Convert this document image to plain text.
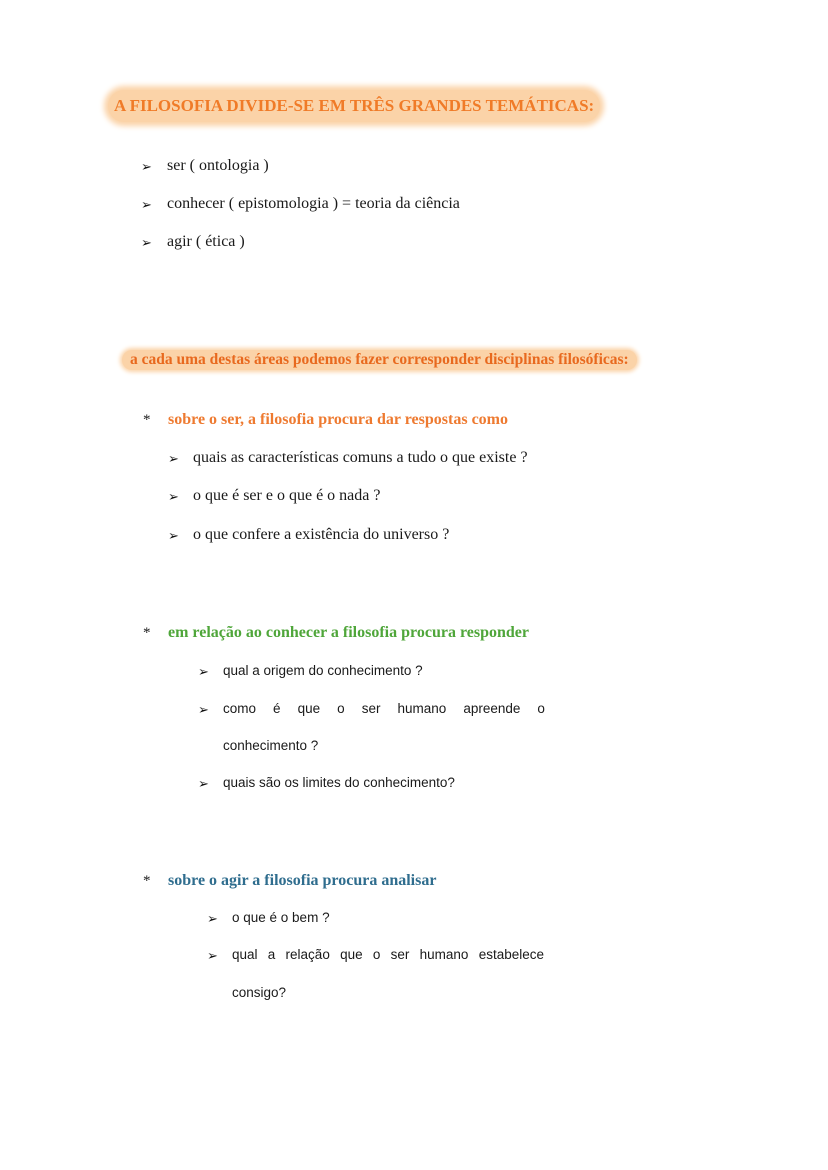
A FILOSOFIA DIVIDE-SE EM TRÊS GRANDES TEMÁTICAS:
➢ ser ( ontologia )
➢ conhecer ( epistomologia ) = teoria da ciência
➢ agir ( ética )
a cada uma destas áreas podemos fazer corresponder disciplinas filosóficas:
* sobre o ser, a filosofia procura dar respostas como
➢ quais as características comuns a tudo o que existe ?
➢ o que é ser e o que é o nada ?
➢ o que confere a existência do universo ?
* em relação ao conhecer a filosofia procura responder
➢ qual a origem do conhecimento ?
➢ como é que o ser humano apreende o
conhecimento ?
➢ quais são os limites do conhecimento?
* sobre o agir a filosofia procura analisar
➢ o que é o bem ?
➢ qual a relação que o ser humano estabelece
consigo?
